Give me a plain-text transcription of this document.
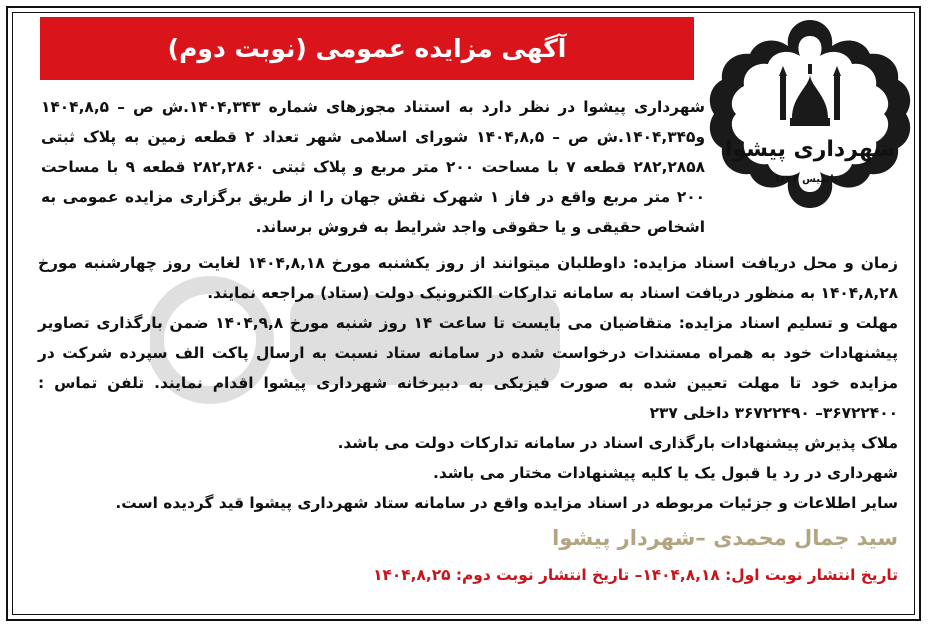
آگهی مزایده عمومی (نوبت دوم)
شهرداری پیشوا
تاسیس ۱۳۳۲
شهرداری پیشوا در نظر دارد به استناد مجوزهای شماره ۱۴۰۴,۳۴۳.ش ص – ۱۴۰۴,۸,۵ و۱۴۰۴,۳۴۵.ش ص – ۱۴۰۴,۸,۵ شورای اسلامی شهر تعداد ۲ قطعه زمین به پلاک ثبتی ۲۸۲,۲۸۵۸ قطعه ۷ با مساحت ۲۰۰ متر مربع و پلاک ثبتی ۲۸۲,۲۸۶۰ قطعه ۹ با مساحت ۲۰۰ متر مربع واقع در فاز ۱ شهرک نقش جهان را از طریق برگزاری مزایده عمومی به اشخاص حقیقی و یا حقوقی واجد شرایط به فروش برساند.
زمان و محل دریافت اسناد مزایده: داوطلبان میتوانند از روز یکشنبه مورخ ۱۴۰۴,۸,۱۸ لغایت روز چهارشنبه مورخ ۱۴۰۴,۸,۲۸ به منظور دریافت اسناد به سامانه تدارکات الکترونیک دولت (ستاد) مراجعه نمایند.
مهلت و تسلیم اسناد مزایده: متقاضیان می بایست تا ساعت ۱۴ روز شنبه مورخ ۱۴۰۴,۹,۸ ضمن بارگذاری تصاویر پیشنهادات خود به همراه مستندات درخواست شده در سامانه ستاد نسبت به ارسال پاکت الف سپرده شرکت در مزایده خود تا مهلت تعیین شده به صورت فیزیکی به دبیرخانه شهرداری پیشوا اقدام نمایند. تلفن تماس : ۳۶۷۲۲۴۰۰– ۳۶۷۲۲۴۹۰ داخلی ۲۳۷
ملاک پذیرش پیشنهادات بارگذاری اسناد در سامانه تدارکات دولت می باشد.
شهرداری در رد یا قبول یک یا کلیه پیشنهادات مختار می باشد.
سایر اطلاعات و جزئیات مربوطه در اسناد مزایده واقع در سامانه ستاد شهرداری پیشوا قید گردیده است.
سید جمال محمدی –شهردار پیشوا
تاریخ انتشار نوبت اول: ۱۴۰۴,۸,۱۸– تاریخ انتشار نوبت دوم: ۱۴۰۴,۸,۲۵
